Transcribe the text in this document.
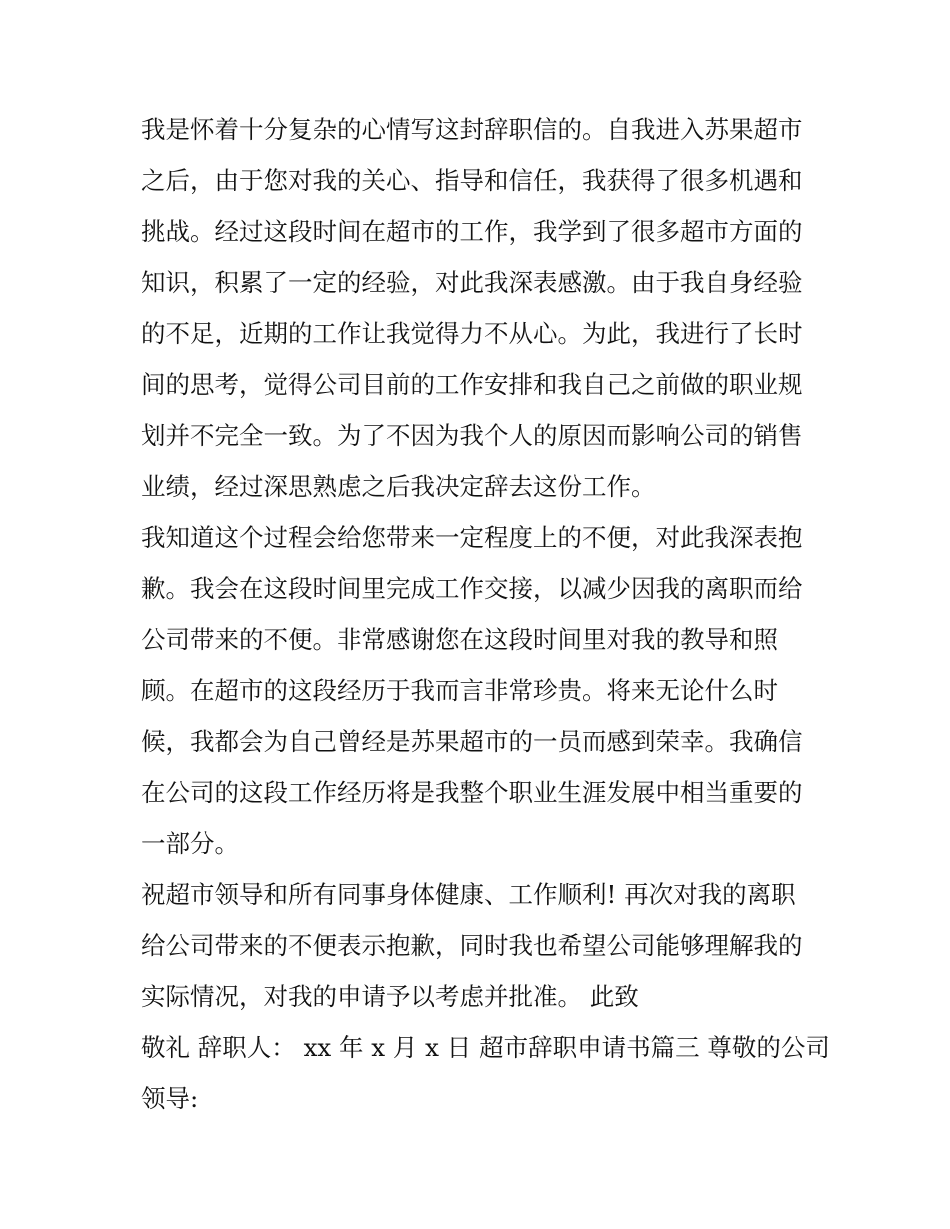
我是怀着十分复杂的心情写这封辞职信的。自我进入苏果超市
之后，由于您对我的关心、指导和信任，我获得了很多机遇和
挑战。经过这段时间在超市的工作，我学到了很多超市方面的
知识，积累了一定的经验，对此我深表感激。由于我自身经验
的不足，近期的工作让我觉得力不从心。为此，我进行了长时
间的思考，觉得公司目前的工作安排和我自己之前做的职业规
划并不完全一致。为了不因为我个人的原因而影响公司的销售
业绩，经过深思熟虑之后我决定辞去这份工作。
我知道这个过程会给您带来一定程度上的不便，对此我深表抱
歉。我会在这段时间里完成工作交接，以减少因我的离职而给
公司带来的不便。非常感谢您在这段时间里对我的教导和照
顾。在超市的这段经历于我而言非常珍贵。将来无论什么时
候，我都会为自己曾经是苏果超市的一员而感到荣幸。我确信
在公司的这段工作经历将是我整个职业生涯发展中相当重要的
一部分。
祝超市领导和所有同事身体健康、工作顺利! 再次对我的离职
给公司带来的不便表示抱歉，同时我也希望公司能够理解我的
实际情况，对我的申请予以考虑并批准。 此致
敬礼 辞职人： xx 年 x 月 x 日 超市辞职申请书篇三 尊敬的公司
领导:
